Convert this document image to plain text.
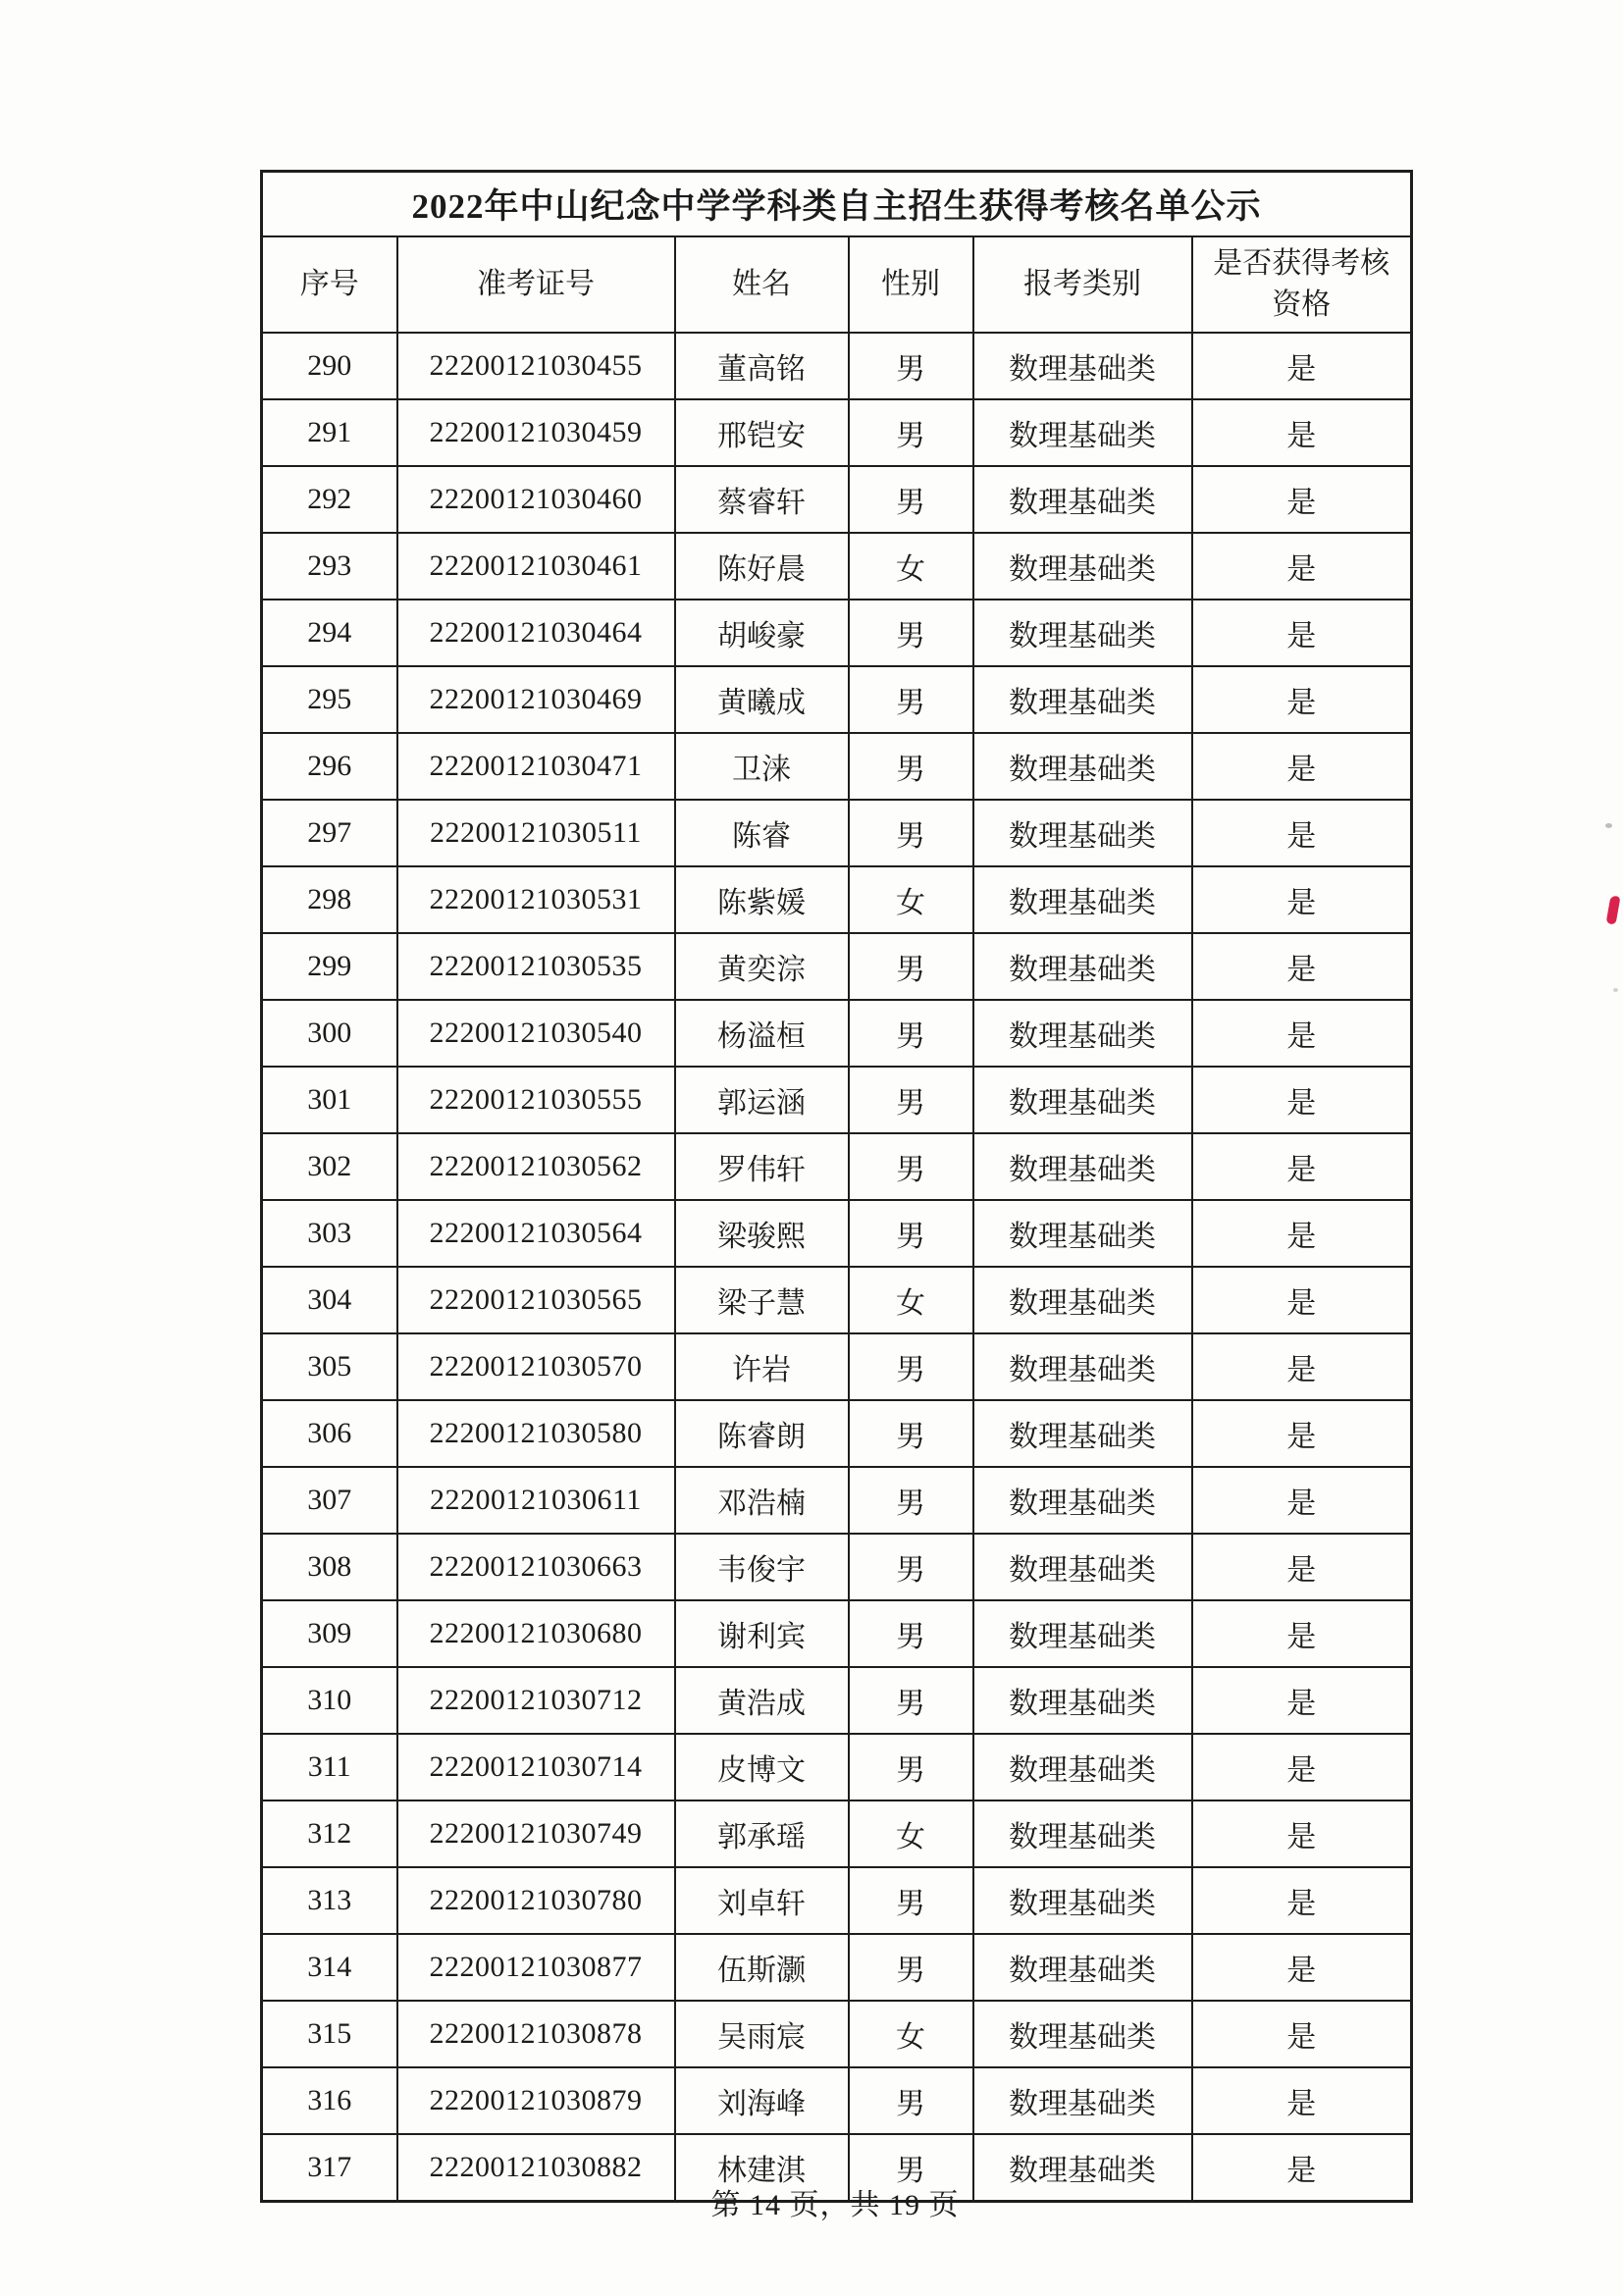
2022年中山纪念中学学科类自主招生获得考核名单公示					
序号	准考证号	姓名	性别	报考类别	是否获得考核资格
290	22200121030455	董高铭	男	数理基础类	是
291	22200121030459	邢铠安	男	数理基础类	是
292	22200121030460	蔡睿轩	男	数理基础类	是
293	22200121030461	陈好晨	女	数理基础类	是
294	22200121030464	胡峻豪	男	数理基础类	是
295	22200121030469	黄曦成	男	数理基础类	是
296	22200121030471	卫涞	男	数理基础类	是
297	22200121030511	陈睿	男	数理基础类	是
298	22200121030531	陈紫媛	女	数理基础类	是
299	22200121030535	黄奕淙	男	数理基础类	是
300	22200121030540	杨溢桓	男	数理基础类	是
301	22200121030555	郭运涵	男	数理基础类	是
302	22200121030562	罗伟轩	男	数理基础类	是
303	22200121030564	梁骏熙	男	数理基础类	是
304	22200121030565	梁子慧	女	数理基础类	是
305	22200121030570	许岩	男	数理基础类	是
306	22200121030580	陈睿朗	男	数理基础类	是
307	22200121030611	邓浩楠	男	数理基础类	是
308	22200121030663	韦俊宇	男	数理基础类	是
309	22200121030680	谢利宾	男	数理基础类	是
310	22200121030712	黄浩成	男	数理基础类	是
311	22200121030714	皮博文	男	数理基础类	是
312	22200121030749	郭承瑶	女	数理基础类	是
313	22200121030780	刘卓轩	男	数理基础类	是
314	22200121030877	伍斯灏	男	数理基础类	是
315	22200121030878	吴雨宸	女	数理基础类	是
316	22200121030879	刘海峰	男	数理基础类	是
317	22200121030882	林建淇	男	数理基础类	是
第 14 页，共 19 页
